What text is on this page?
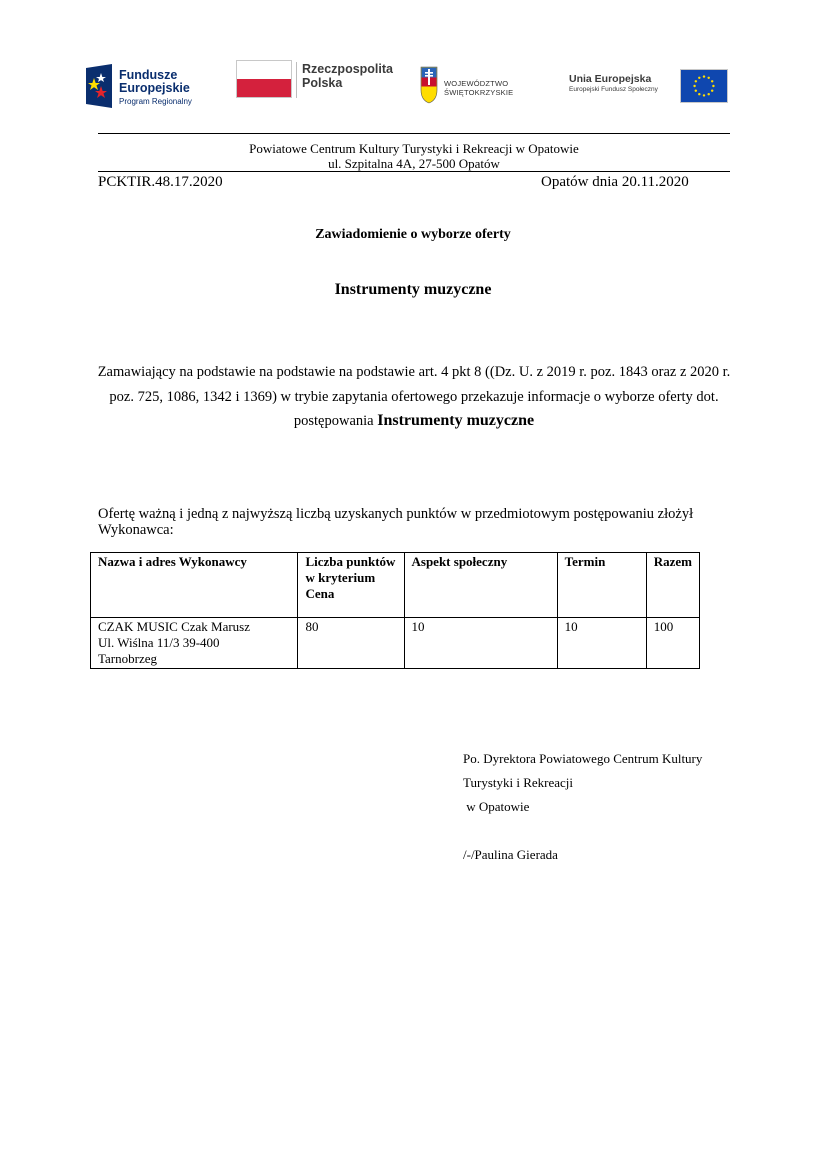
Fundusze
Europejskie
Program Regionalny
Rzeczpospolita
Polska	WOJEWÓDZTWO
ŚWIĘTOKRZYSKIE
Unia Europejska
Europejski Fundusz Społeczny
Powiatowe Centrum Kultury Turystyki i Rekreacji w Opatowie
ul. Szpitalna 4A, 27-500 Opatów
PCKTIR.48.17.2020	Opatów dnia 20.11.2020
Zawiadomienie o wyborze oferty
Instrumenty muzyczne
Zamawiający na podstawie na podstawie na podstawie art. 4 pkt 8 ((Dz. U. z 2019 r. poz. 1843 oraz z 2020 r. poz. 725, 1086, 1342 i 1369) w trybie zapytania ofertowego przekazuje informacje o wyborze oferty dot. postępowania Instrumenty muzyczne
Ofertę ważną i jedną z najwyższą liczbą uzyskanych punktów w przedmiotowym postępowaniu złożył Wykonawca:
Nazwa i adres Wykonawcy	Liczba punktów w kryterium Cena	Aspekt społeczny	Termin	Razem

CZAK MUSIC Czak Marusz
Ul. Wiślna 11/3 39-400
Tarnobrzeg	80	10	10	100
Po. Dyrektora Powiatowego Centrum Kultury
Turystyki i Rekreacji
w Opatowie
/-/Paulina Gierada
